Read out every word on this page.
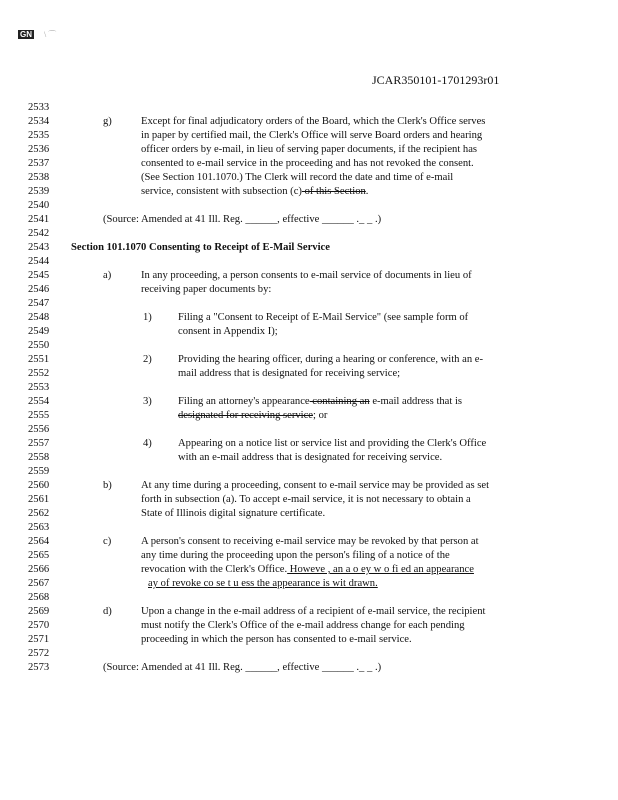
GN \ ⌒
JCAR350101-1701293r01
2533
2534	g)	Except for final adjudicatory orders of the Board, which the Clerk's Office serves
2535	in paper by certified mail, the Clerk's Office will serve Board orders and hearing
2536	officer orders by e-mail, in lieu of serving paper documents, if the recipient has
2537	consented to e-mail service in the proceeding and has not revoked the consent.
2538	(See Section 101.1070.) The Clerk will record the date and time of e-mail
2539	service, consistent with subsection (c) of this Section.
2540
2541	(Source: Amended at 41 Ill. Reg. ______, effective ______ ._ _ .)
2542
2543 Section 101.1070 Consenting to Receipt of E-Mail Service
2544
2545	a)	In any proceeding, a person consents to e-mail service of documents in lieu of
2546	receiving paper documents by:
2547
2548	1) Filing a "Consent to Receipt of E-Mail Service" (see sample form of
2549	consent in Appendix I);
2550
2551	2) Providing the hearing officer, during a hearing or conference, with an e-
2552	mail address that is designated for receiving service;
2553
2554	3) Filing an attorney's appearance containing an e-mail address that is
2555	designated for receiving service; or
2556
2557	4) Appearing on a notice list or service list and providing the Clerk's Office
2558	with an e-mail address that is designated for receiving service.
2559
2560	b)	At any time during a proceeding, consent to e-mail service may be provided as set
2561	forth in subsection (a). To accept e-mail service, it is not necessary to obtain a
2562	State of Illinois digital signature certificate.
2563
2564	c)	A person's consent to receiving e-mail service may be revoked by that person at
2565	any time during the proceeding upon the person's filing of a notice of the
2566	revocation with the Clerk's Office. Howeve , an a o ey w o fi ed an appearance
2567	ay of revoke co se t u ess the appearance is wit drawn.
2568
2569	d)	Upon a change in the e-mail address of a recipient of e-mail service, the recipient
2570	must notify the Clerk's Office of the e-mail address change for each pending
2571	proceeding in which the person has consented to e-mail service.
2572
2573	(Source: Amended at 41 Ill. Reg. ______, effective ______ ._ _ .)
